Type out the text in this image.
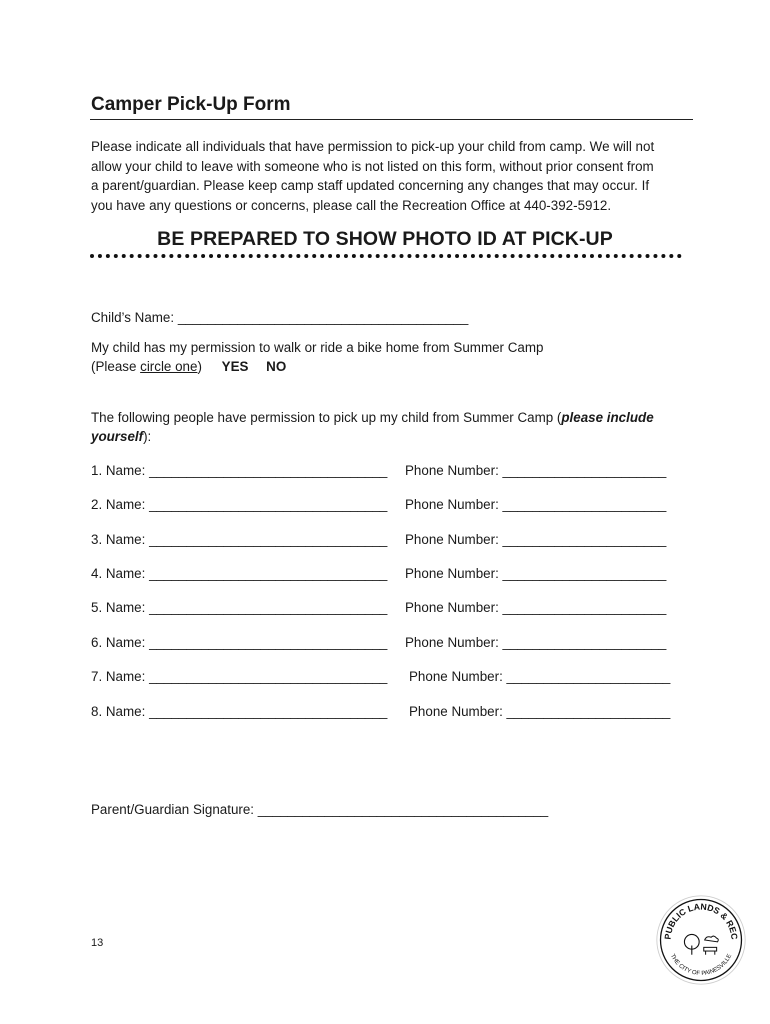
Camper Pick-Up Form
Please indicate all individuals that have permission to pick-up your child from camp. We will not
allow your child to leave with someone who is not listed on this form, without prior consent from
a parent/guardian. Please keep camp staff updated concerning any changes that may occur. If
you have any questions or concerns, please call the Recreation Office at 440-392-5912.
BE PREPARED TO SHOW PHOTO ID AT PICK-UP
Child’s Name: _______________________________________
My child has my permission to walk or ride a bike home from Summer Camp
(Please circle one) YES NO
The following people have permission to pick up my child from Summer Camp (please include
yourself):
1. Name: ________________________________ Phone Number: ______________________
2. Name: ________________________________ Phone Number: ______________________
3. Name: ________________________________ Phone Number: ______________________
4. Name: ________________________________ Phone Number: ______________________
5. Name: ________________________________ Phone Number: ______________________
6. Name: ________________________________ Phone Number: ______________________
7. Name: ________________________________ Phone Number: ______________________
8. Name: ________________________________ Phone Number: ______________________
Parent/Guardian Signature: _______________________________________
13
PUBLIC LANDS & REC
THE CITY OF PAINESVILLE
